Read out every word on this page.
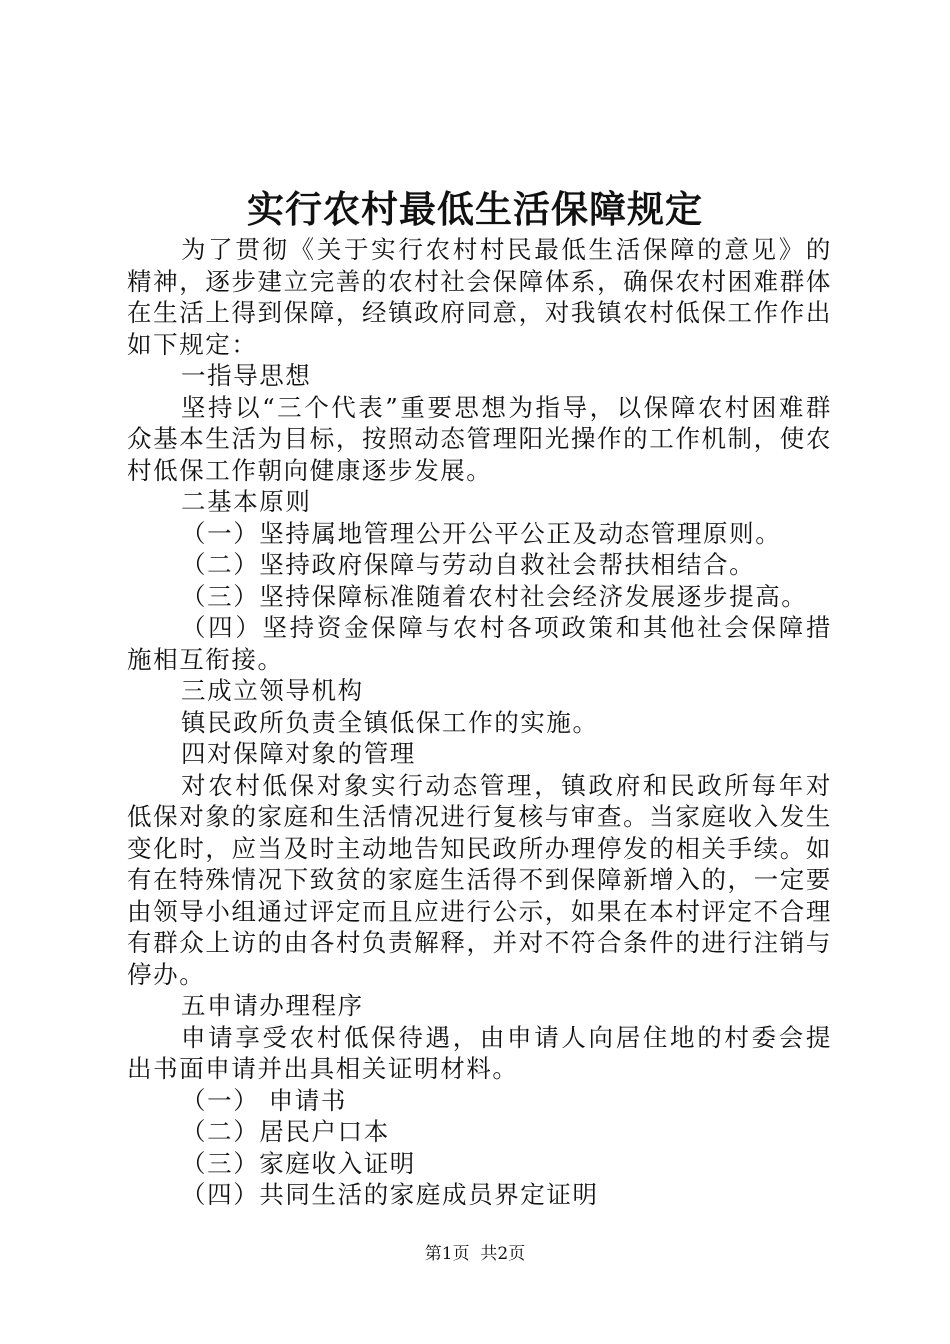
实行农村最低生活保障规定

为了贯彻《关于实行农村村民最低生活保障的意见》的精神，逐步建立完善的农村社会保障体系，确保农村困难群体在生活上得到保障，经镇政府同意，对我镇农村低保工作作出如下规定：

一指导思想

坚持以“三个代表”重要思想为指导，以保障农村困难群众基本生活为目标，按照动态管理阳光操作的工作机制，使农村低保工作朝向健康逐步发展。

二基本原则

（一）坚持属地管理公开公平公正及动态管理原则。

（二）坚持政府保障与劳动自救社会帮扶相结合。

（三）坚持保障标准随着农村社会经济发展逐步提高。

（四）坚持资金保障与农村各项政策和其他社会保障措施相互衔接。

三成立领导机构

镇民政所负责全镇低保工作的实施。

四对保障对象的管理

对农村低保对象实行动态管理，镇政府和民政所每年对低保对象的家庭和生活情况进行复核与审查。当家庭收入发生变化时，应当及时主动地告知民政所办理停发的相关手续。如有在特殊情况下致贫的家庭生活得不到保障新增入的，一定要由领导小组通过评定而且应进行公示，如果在本村评定不合理有群众上访的由各村负责解释，并对不符合条件的进行注销与停办。

五申请办理程序

申请享受农村低保待遇，由申请人向居住地的村委会提出书面申请并出具相关证明材料。

（一） 申请书

（二）居民户口本

（三）家庭收入证明

（四）共同生活的家庭成员界定证明

第1页  共2页
